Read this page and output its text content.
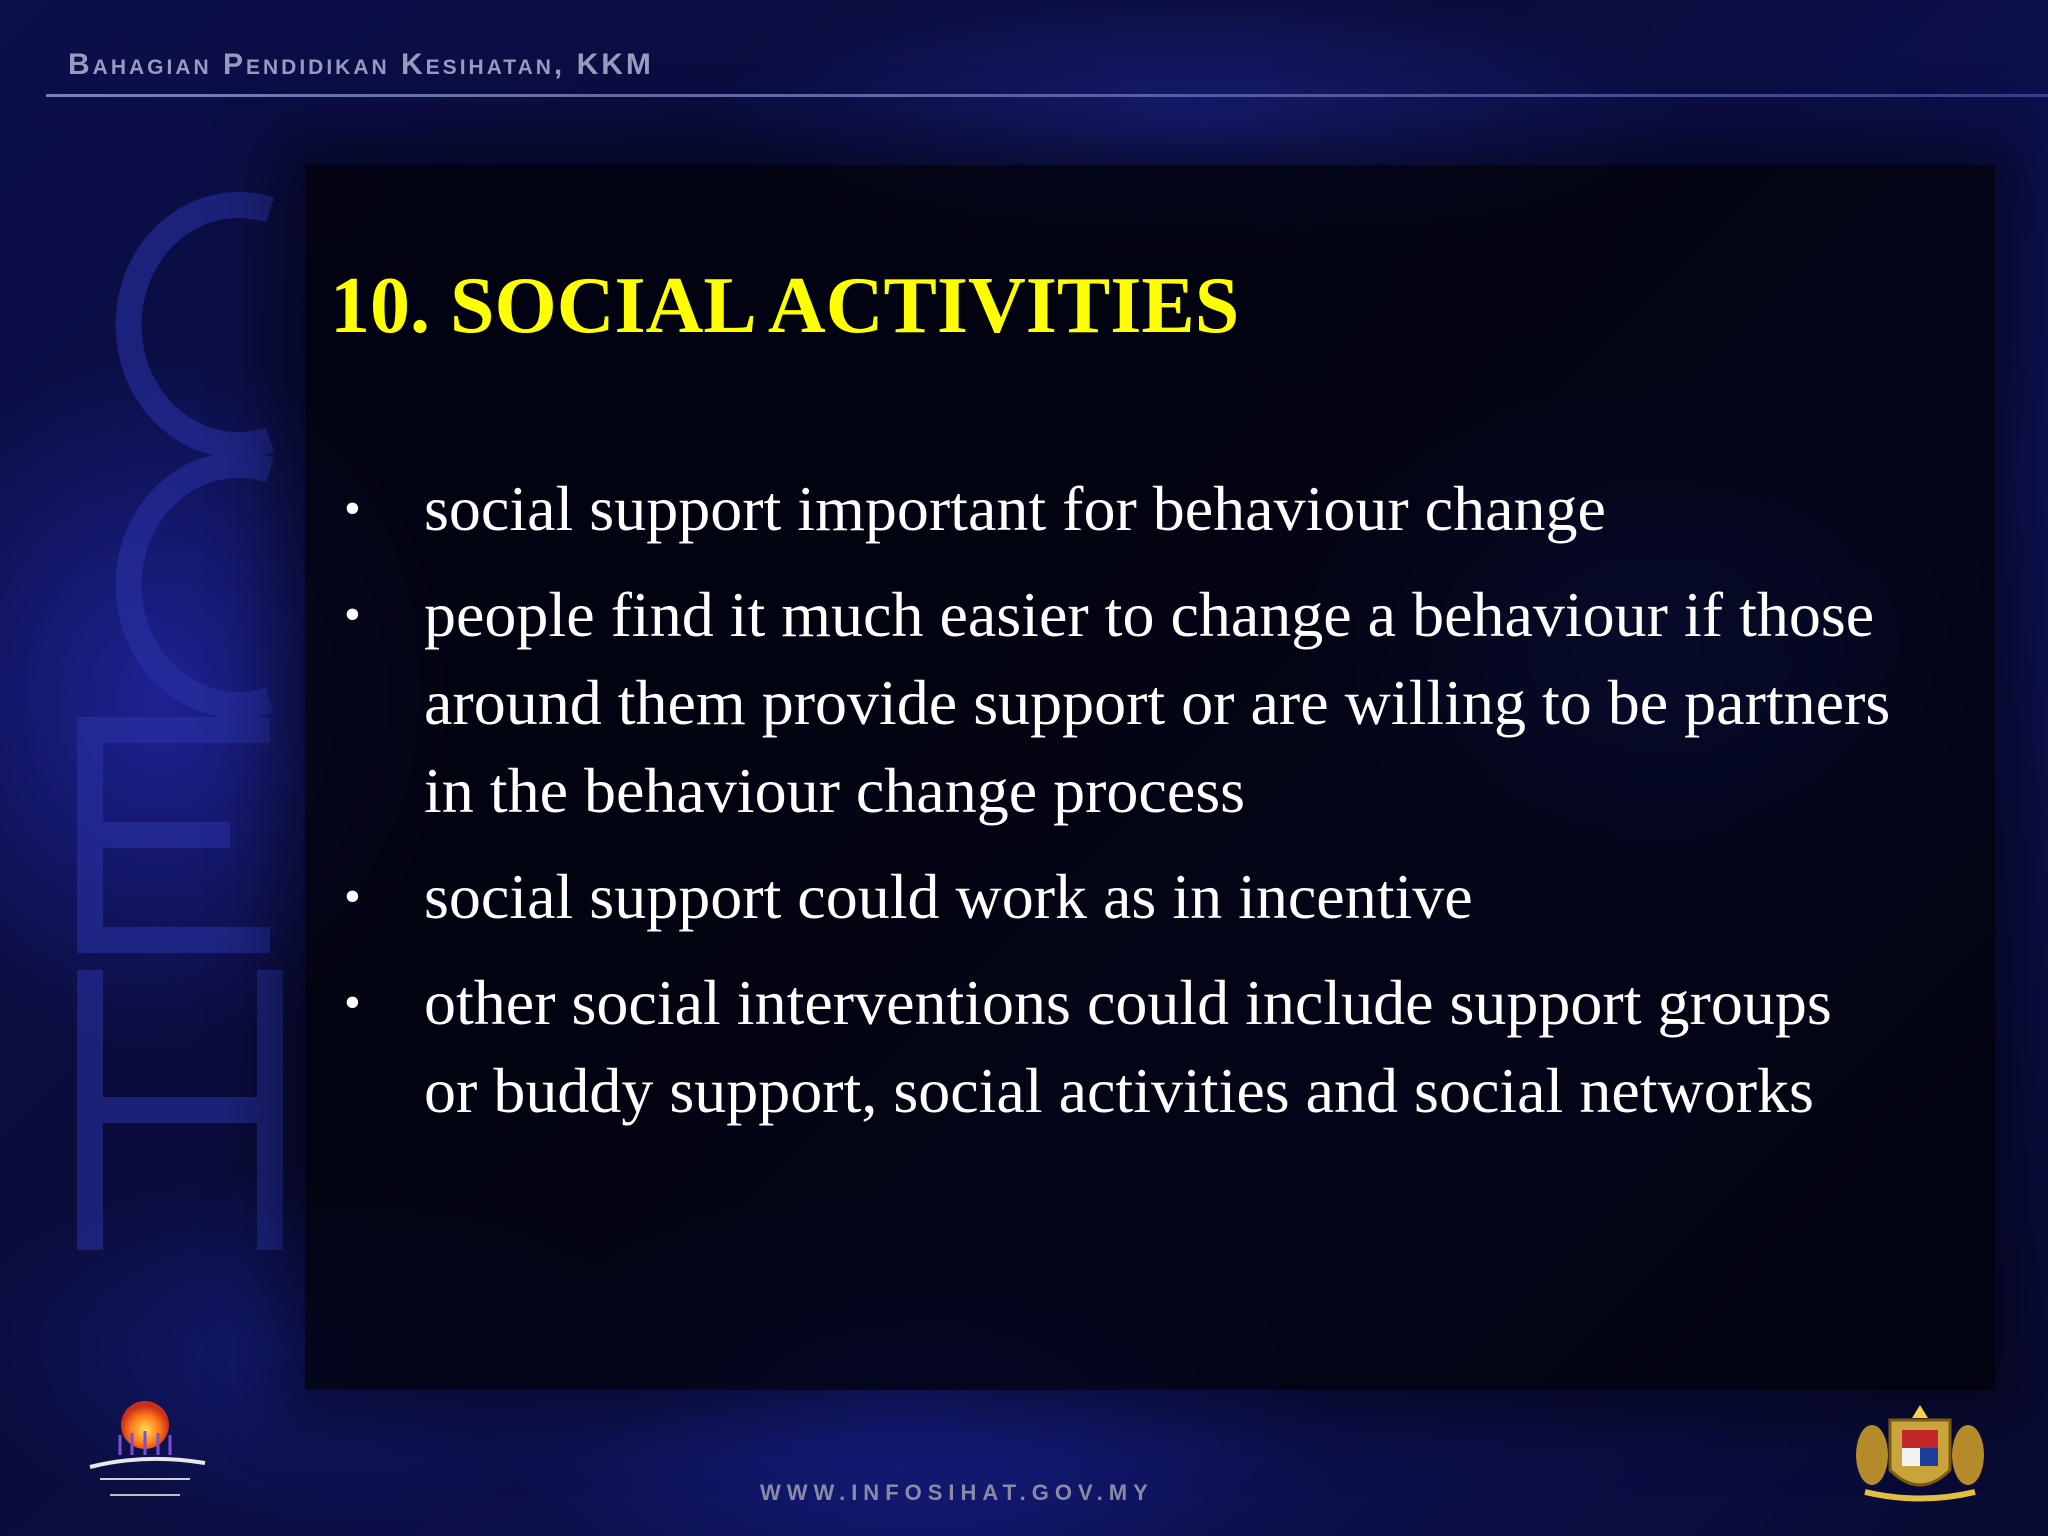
Bahagian Pendidikan Kesihatan, KKM
10. SOCIAL ACTIVITIES
• social support important for behaviour change
• people find it much easier to change a behaviour if those around them provide support or are willing to be partners in the behaviour change process
• social support could work as in incentive
• other social interventions could include support groups or buddy support, social activities and social networks
WWW.INFOSIHAT.GOV.MY
